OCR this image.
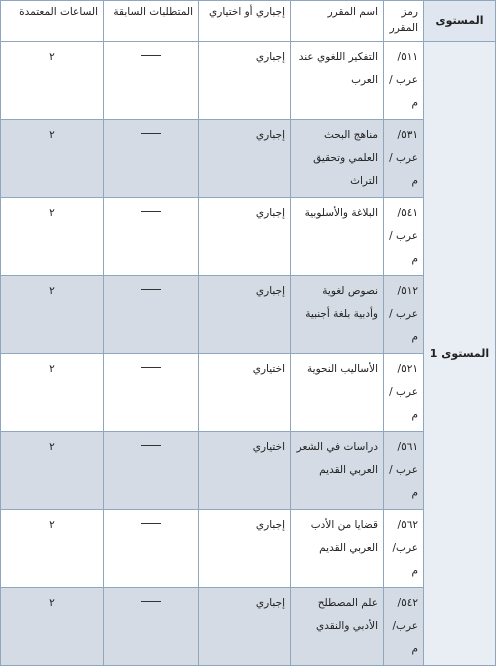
المستوى	رمز المقرر	اسم المقرر	إجباري أو اختياري	المتطلبات السابقة	الساعات المعتمدة
المستوى 1	٥١١/ عرب /م	التفكير اللغوي عند العرب	إجباري		٢
	٥٣١/ عرب /م	مناهج البحث العلمي وتحقيق التراث	إجباري		٢
	٥٤١/ عرب /م	البلاغة والأسلوبية	إجباري		٢
	٥١٢/ عرب /م	نصوص لغوية وأدبية بلغة أجنبية	إجباري		٢
	٥٢١/ عرب /م	الأساليب النحوية	اختياري		٢
	٥٦١/ عرب /م	دراسات في الشعر العربي القديم	اختياري		٢
	٥٦٢/ عرب/ م	قضايا من الأدب العربي القديم	إجباري		٢
	٥٤٢/ عرب/ م	علم المصطلح الأدبي والنقدي	إجباري		٢
